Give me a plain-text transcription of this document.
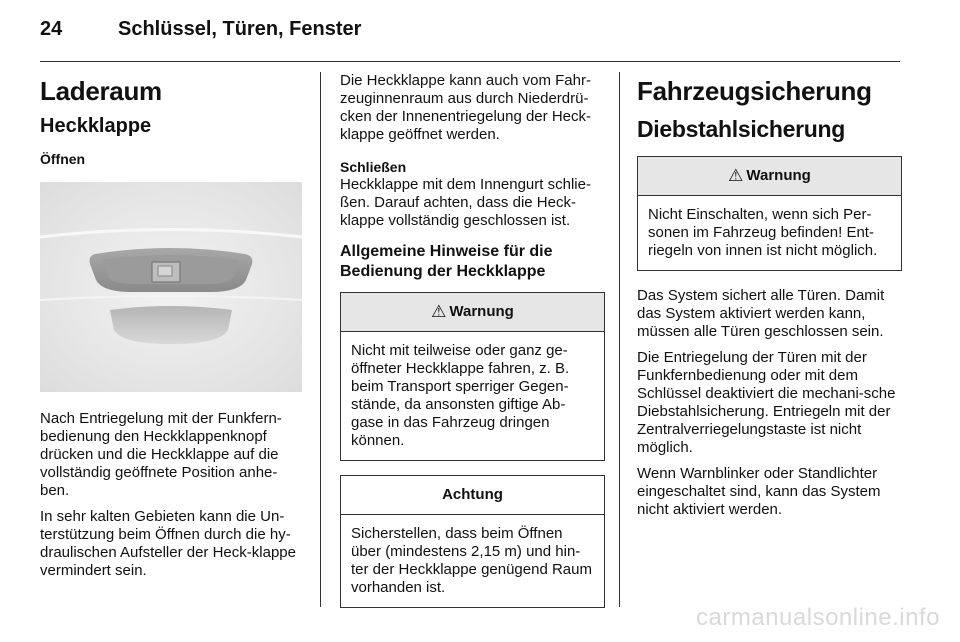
24	Schlüssel, Türen, Fenster
Laderaum
Heckklappe
Öffnen

Nach Entriegelung mit der Funkfern-bedienung den Heckklappenknopf drücken und die Heckklappe auf die vollständig geöffnete Position anhe-ben.

In sehr kalten Gebieten kann die Un-terstützung beim Öffnen durch die hy-draulischen Aufsteller der Heck-klappe vermindert sein.

Die Heckklappe kann auch vom Fahr-zeuginnenraum aus durch Niederdrü-cken der Innenentriegelung der Heck-klappe geöffnet werden.

Schließen

Heckklappe mit dem Innengurt schlie-ßen. Darauf achten, dass die Heck-klappe vollständig geschlossen ist.

Allgemeine Hinweise für die Bedienung der Heckklappe
⚠ Warnung
Nicht mit teilweise oder ganz ge-öffneter Heckklappe fahren, z. B. beim Transport sperriger Gegen-stände, da ansonsten giftige Ab-gase in das Fahrzeug dringen können.
Achtung
Sicherstellen, dass beim Öffnen über (mindestens 2,15 m) und hin-ter der Heckklappe genügend Raum vorhanden ist.
Fahrzeugsicherung
Diebstahlsicherung
⚠ Warnung
Nicht Einschalten, wenn sich Per-sonen im Fahrzeug befinden! Ent-riegeln von innen ist nicht möglich.

Das System sichert alle Türen. Damit das System aktiviert werden kann, müssen alle Türen geschlossen sein.

Die Entriegelung der Türen mit der Funkfernbedienung oder mit dem Schlüssel deaktiviert die mechani-sche Diebstahlsicherung. Entriegeln mit der Zentralverriegelungstaste ist nicht möglich.

Wenn Warnblinker oder Standlichter eingeschaltet sind, kann das System nicht aktiviert werden.

carmanualsonline.info
